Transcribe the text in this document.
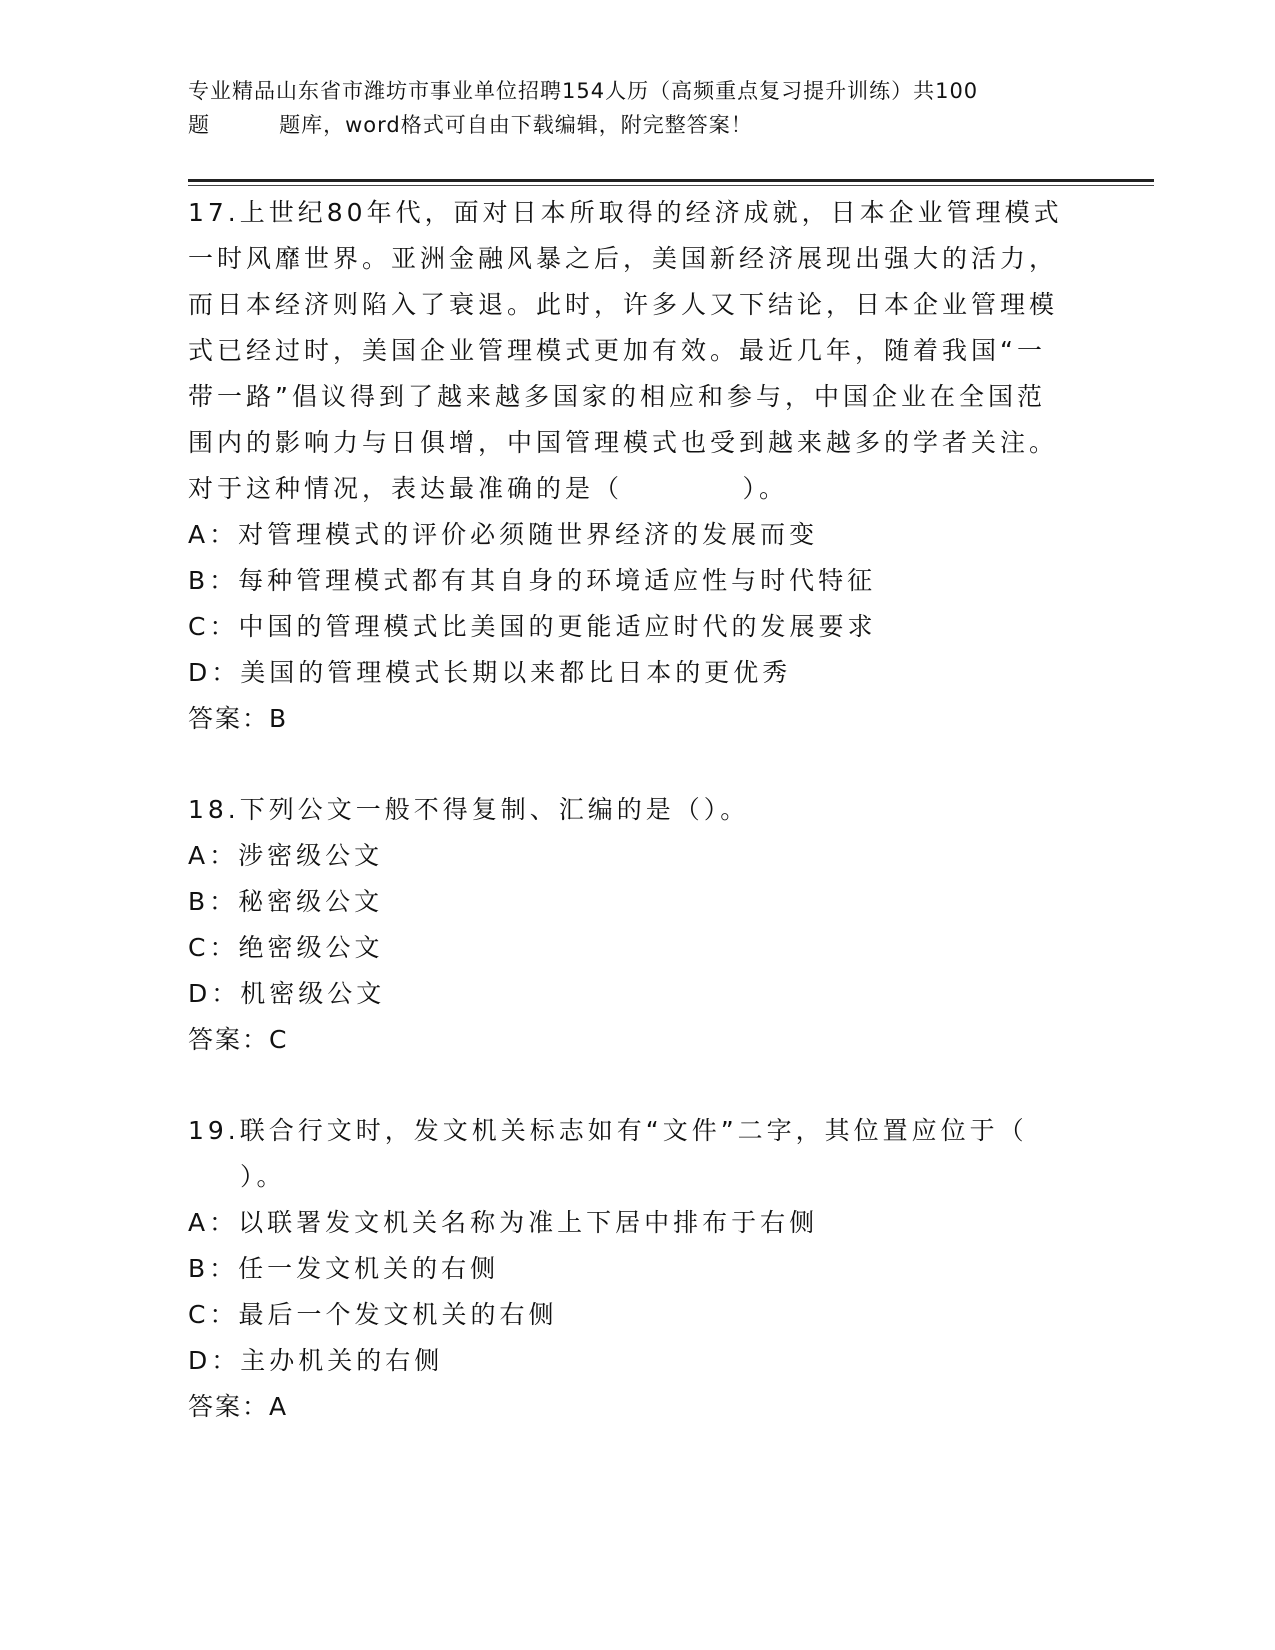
专业精品山东省市潍坊市事业单位招聘154人历（高频重点复习提升训练）共100
题         题库，word格式可自由下载编辑，附完整答案！
17.上世纪80年代，面对日本所取得的经济成就，日本企业管理模式
一时风靡世界。亚洲金融风暴之后，美国新经济展现出强大的活力，
而日本经济则陷入了衰退。此时，许多人又下结论，日本企业管理模
式已经过时，美国企业管理模式更加有效。最近几年，随着我国“一
带一路”倡议得到了越来越多国家的相应和参与，中国企业在全国范
围内的影响力与日俱增，中国管理模式也受到越来越多的学者关注。
对于这种情况，表达最准确的是（          ）。
A：对管理模式的评价必须随世界经济的发展而变
B：每种管理模式都有其自身的环境适应性与时代特征
C：中国的管理模式比美国的更能适应时代的发展要求
D：美国的管理模式长期以来都比日本的更优秀
答案：B
18.下列公文一般不得复制、汇编的是（）。
A：涉密级公文
B：秘密级公文
C：绝密级公文
D：机密级公文
答案：C
19.联合行文时，发文机关标志如有“文件”二字，其位置应位于（
）。
A：以联署发文机关名称为准上下居中排布于右侧
B：任一发文机关的右侧
C：最后一个发文机关的右侧
D：主办机关的右侧
答案：A
